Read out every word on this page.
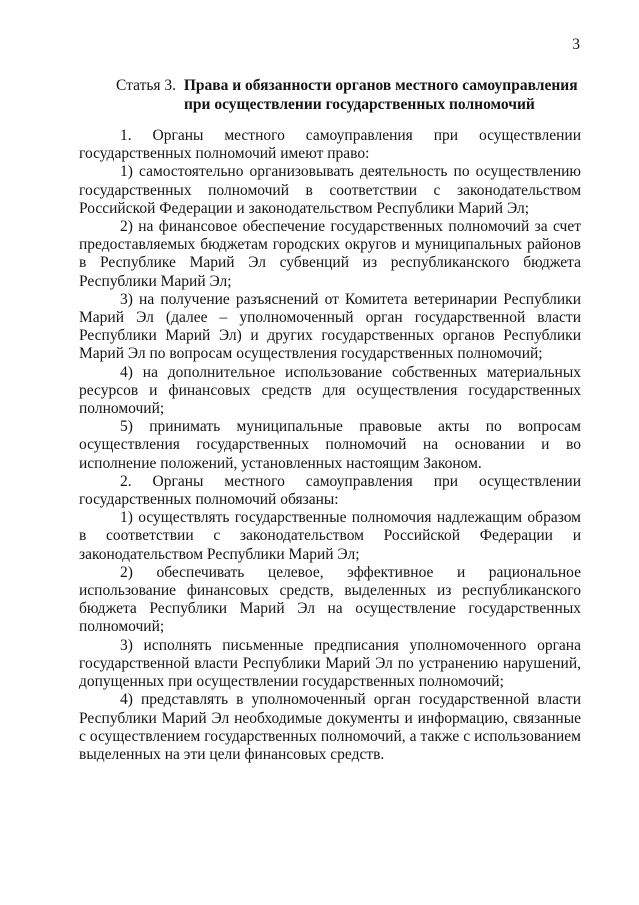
3
Статья 3. Права и обязанности органов местного самоуправления
при осуществлении государственных полномочий

1. Органы местного самоуправления при осуществлении государственных полномочий имеют право:

1) самостоятельно организовывать деятельность по осуществлению государственных полномочий в соответствии с законодательством Российской Федерации и законодательством Республики Марий Эл;

2) на финансовое обеспечение государственных полномочий за счет предоставляемых бюджетам городских округов и муниципальных районов в Республике Марий Эл субвенций из республиканского бюджета Республики Марий Эл;

3) на получение разъяснений от Комитета ветеринарии Республики Марий Эл (далее – уполномоченный орган государственной власти Республики Марий Эл) и других государственных органов Республики Марий Эл по вопросам осуществления государственных полномочий;

4) на дополнительное использование собственных материальных ресурсов и финансовых средств для осуществления государственных полномочий;

5) принимать муниципальные правовые акты по вопросам осуществления государственных полномочий на основании и во исполнение положений, установленных настоящим Законом.

2. Органы местного самоуправления при осуществлении государственных полномочий обязаны:

1) осуществлять государственные полномочия надлежащим образом в соответствии с законодательством Российской Федерации и законодательством Республики Марий Эл;

2) обеспечивать целевое, эффективное и рациональное использование финансовых средств, выделенных из республиканского бюджета Республики Марий Эл на осуществление государственных полномочий;

3) исполнять письменные предписания уполномоченного органа государственной власти Республики Марий Эл по устранению нарушений, допущенных при осуществлении государственных полномочий;

4) представлять в уполномоченный орган государственной власти Республики Марий Эл необходимые документы и информацию, связанные с осуществлением государственных полномочий, а также с использованием выделенных на эти цели финансовых средств.
